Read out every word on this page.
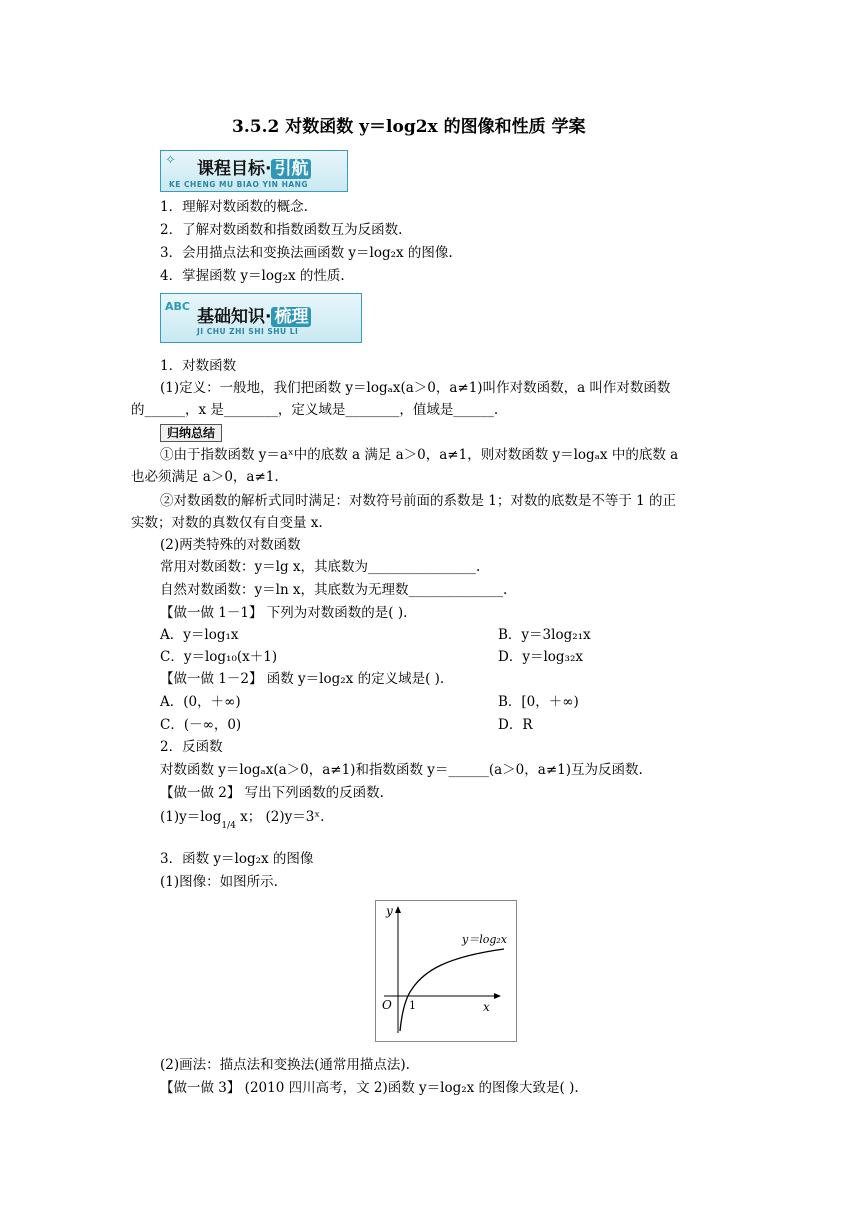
3.5.2 对数函数 y＝log2x 的图像和性质 学案
✧ 课程目标· 引航
KE CHENG MU BIAO YIN HANG
1．理解对数函数的概念.
2．了解对数函数和指数函数互为反函数.
3．会用描点法和变换法画函数 y＝log₂x 的图像.
4．掌握函数 y＝log₂x 的性质.
ABC
基础知识· 梳理
JI CHU ZHI SHI SHU LI
1．对数函数
(1)定义：一般地，我们把函数 y＝logₐx(a＞0，a≠1)叫作对数函数，a 叫作对数函数
的______，x 是________，定义域是________，值域是______.
归纳总结
①由于指数函数 y＝aˣ中的底数 a 满足 a＞0，a≠1，则对数函数 y＝logₐx 中的底数 a
也必须满足 a＞0，a≠1.
②对数函数的解析式同时满足：对数符号前面的系数是 1；对数的底数是不等于 1 的正
实数；对数的真数仅有自变量 x.
(2)两类特殊的对数函数
常用对数函数：y＝lg x，其底数为________________.
自然对数函数：y＝ln x，其底数为无理数______________.
【做一做 1－1】 下列为对数函数的是( ).
A．y＝log₁x	B．y＝3log₂₁x
C．y＝log₁₀(x＋1)	D．y＝log₃₂x
【做一做 1－2】 函数 y＝log₂x 的定义域是( ).
A．(0，＋∞)	B．[0，＋∞)
C．(－∞，0)	D．R
2．反函数
对数函数 y＝logₐx(a＞0，a≠1)和指数函数 y＝______(a＞0，a≠1)互为反函数.
【做一做 2】 写出下列函数的反函数.
$(1)y=\log_{1/4}$ x； (2)y＝3ˣ.
3．函数 y＝log₂x 的图像
(1)图像：如图所示.
y
x
O 1
y＝log₂x
(2)画法：描点法和变换法(通常用描点法).
【做一做 3】 (2010 四川高考，文 2)函数 y＝log₂x 的图像大致是( ).
